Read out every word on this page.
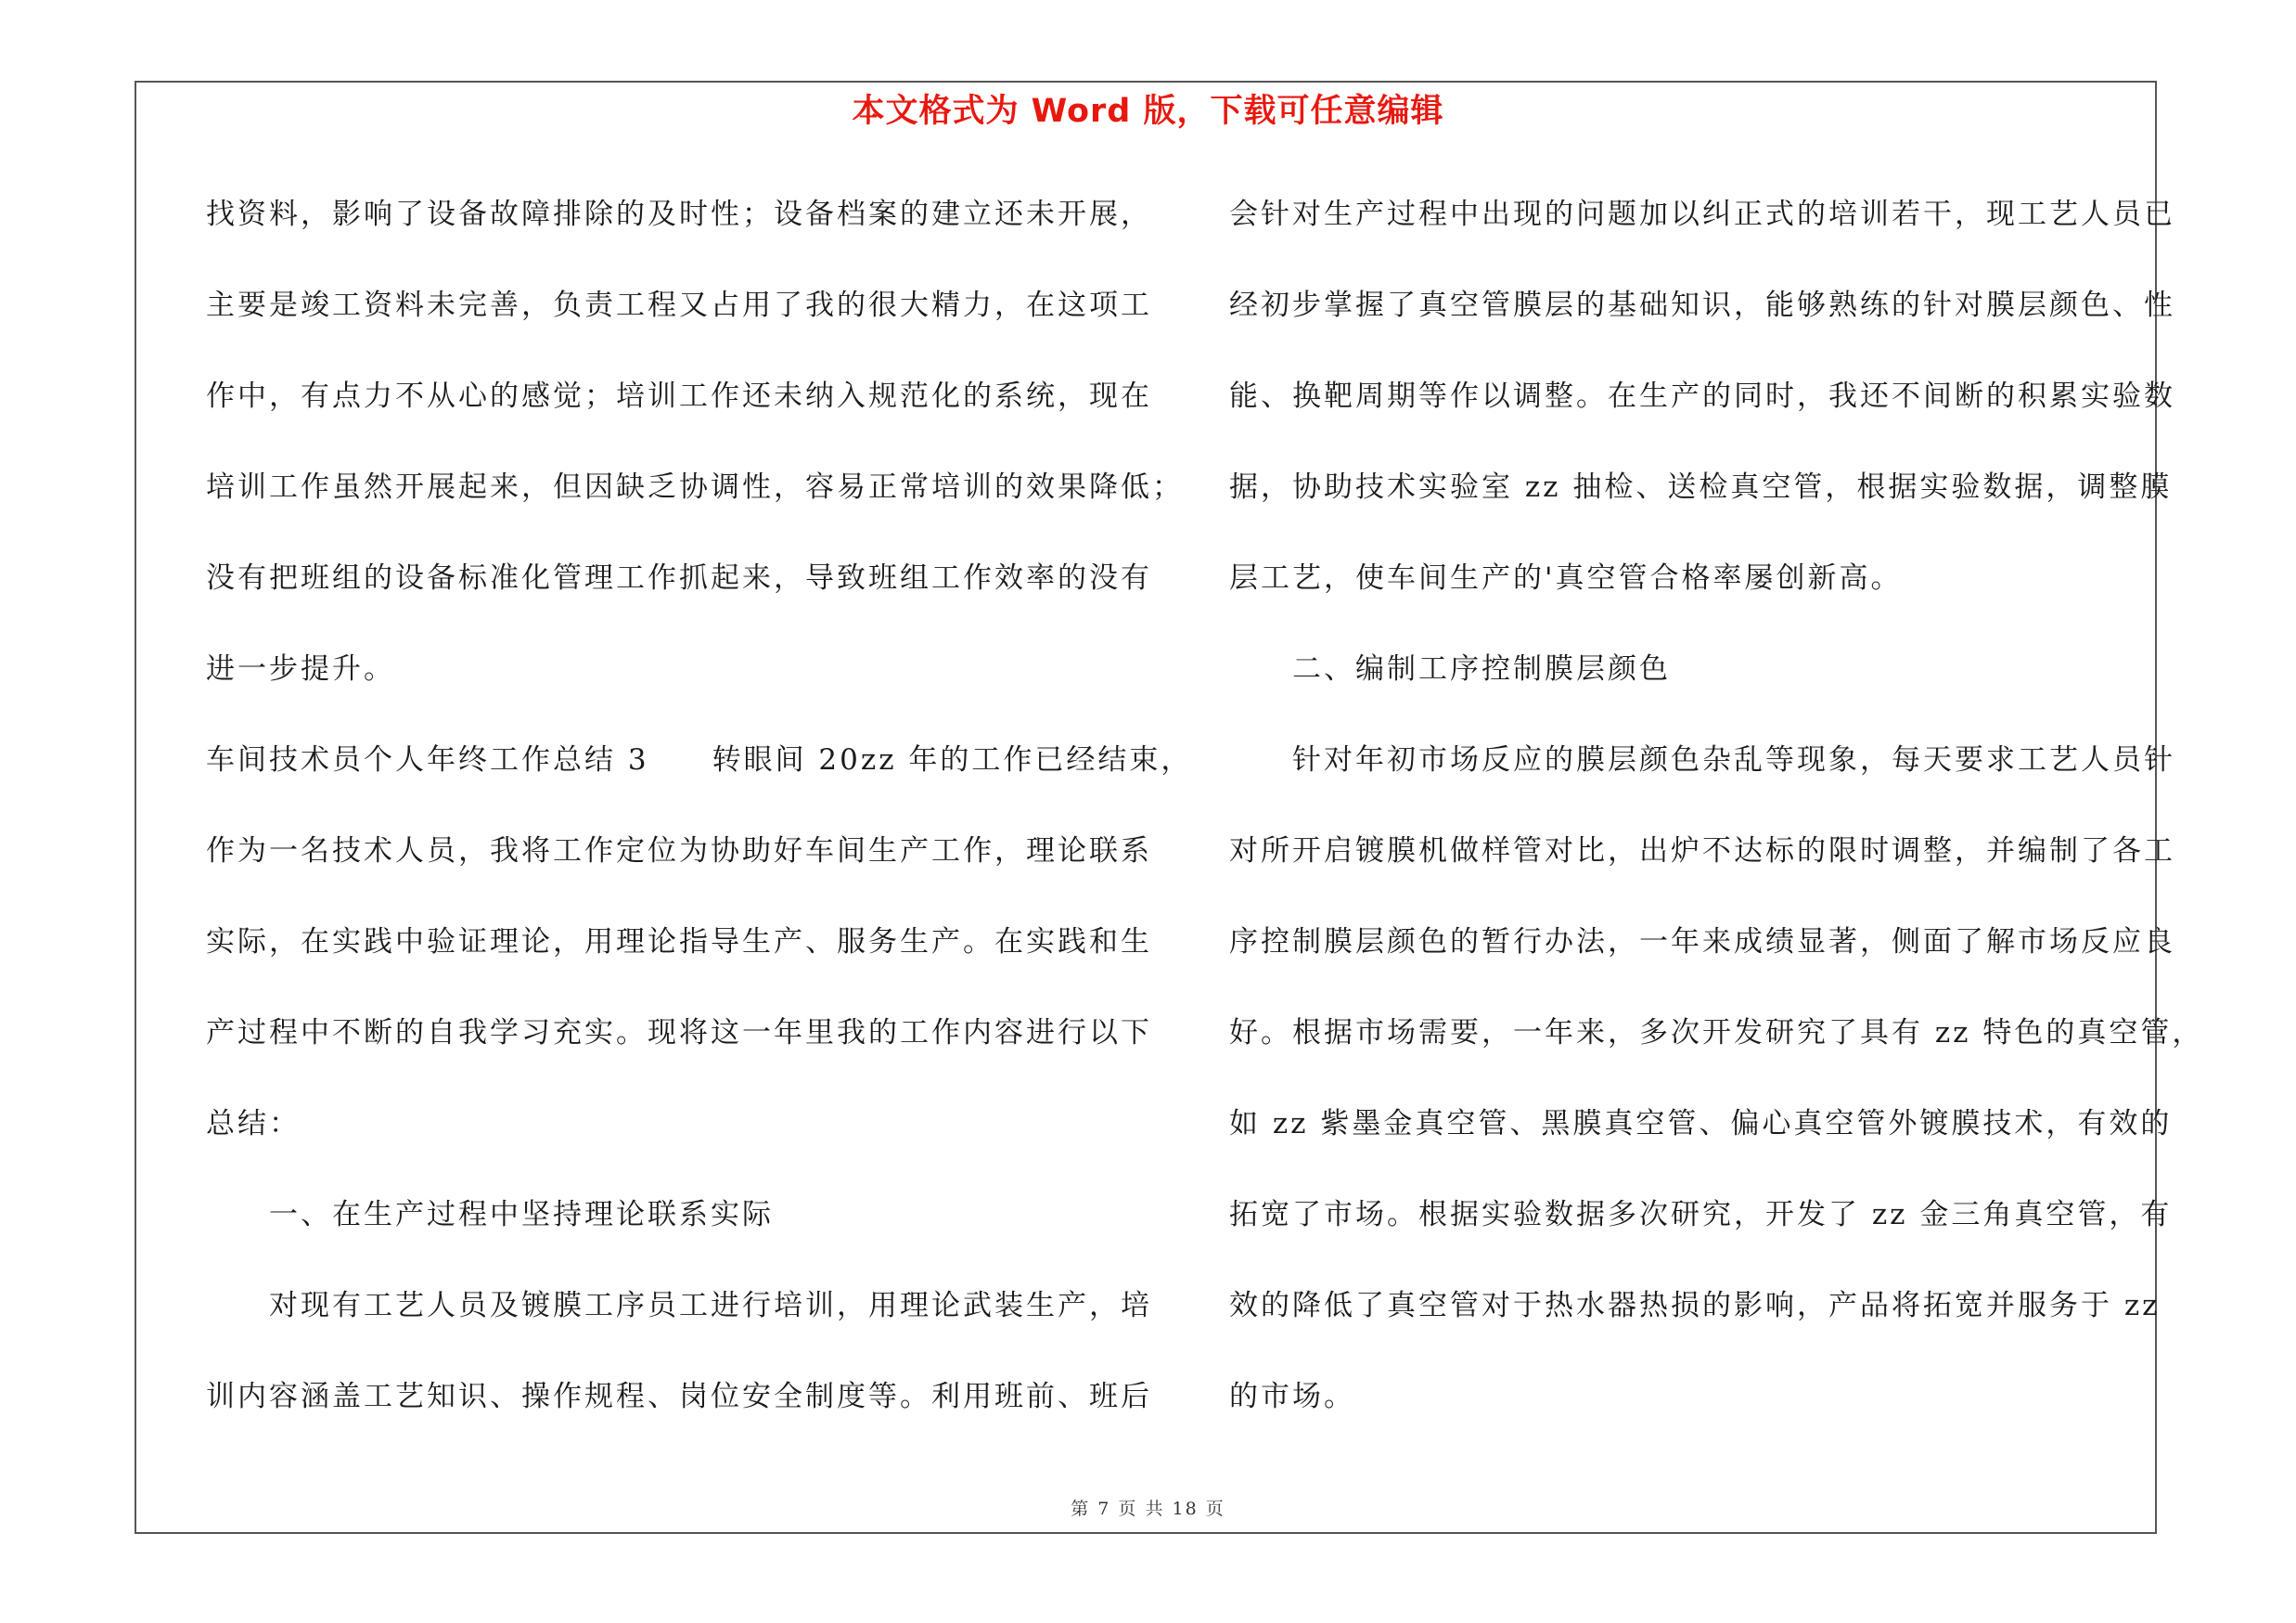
本文格式为 Word 版，下载可任意编辑
找资料，影响了设备故障排除的及时性；设备档案的建立还未开展，
主要是竣工资料未完善，负责工程又占用了我的很大精力，在这项工
作中，有点力不从心的感觉；培训工作还未纳入规范化的系统，现在
培训工作虽然开展起来，但因缺乏协调性，容易正常培训的效果降低；
没有把班组的设备标准化管理工作抓起来，导致班组工作效率的没有
进一步提升。
车间技术员个人年终工作总结 3　　转眼间 20zz 年的工作已经结束，
作为一名技术人员，我将工作定位为协助好车间生产工作，理论联系
实际，在实践中验证理论，用理论指导生产、服务生产。在实践和生
产过程中不断的自我学习充实。现将这一年里我的工作内容进行以下
总结：
一、在生产过程中坚持理论联系实际
对现有工艺人员及镀膜工序员工进行培训，用理论武装生产，培
训内容涵盖工艺知识、操作规程、岗位安全制度等。利用班前、班后
会针对生产过程中出现的问题加以纠正式的培训若干，现工艺人员已
经初步掌握了真空管膜层的基础知识，能够熟练的针对膜层颜色、性
能、换靶周期等作以调整。在生产的同时，我还不间断的积累实验数
据，协助技术实验室 zz 抽检、送检真空管，根据实验数据，调整膜
层工艺，使车间生产的'真空管合格率屡创新高。
二、编制工序控制膜层颜色
针对年初市场反应的膜层颜色杂乱等现象，每天要求工艺人员针
对所开启镀膜机做样管对比，出炉不达标的限时调整，并编制了各工
序控制膜层颜色的暂行办法，一年来成绩显著，侧面了解市场反应良
好。根据市场需要，一年来，多次开发研究了具有 zz 特色的真空管，
如 zz 紫墨金真空管、黑膜真空管、偏心真空管外镀膜技术，有效的
拓宽了市场。根据实验数据多次研究，开发了 zz 金三角真空管，有
效的降低了真空管对于热水器热损的影响，产品将拓宽并服务于 zz
的市场。
第 7 页 共 18 页
